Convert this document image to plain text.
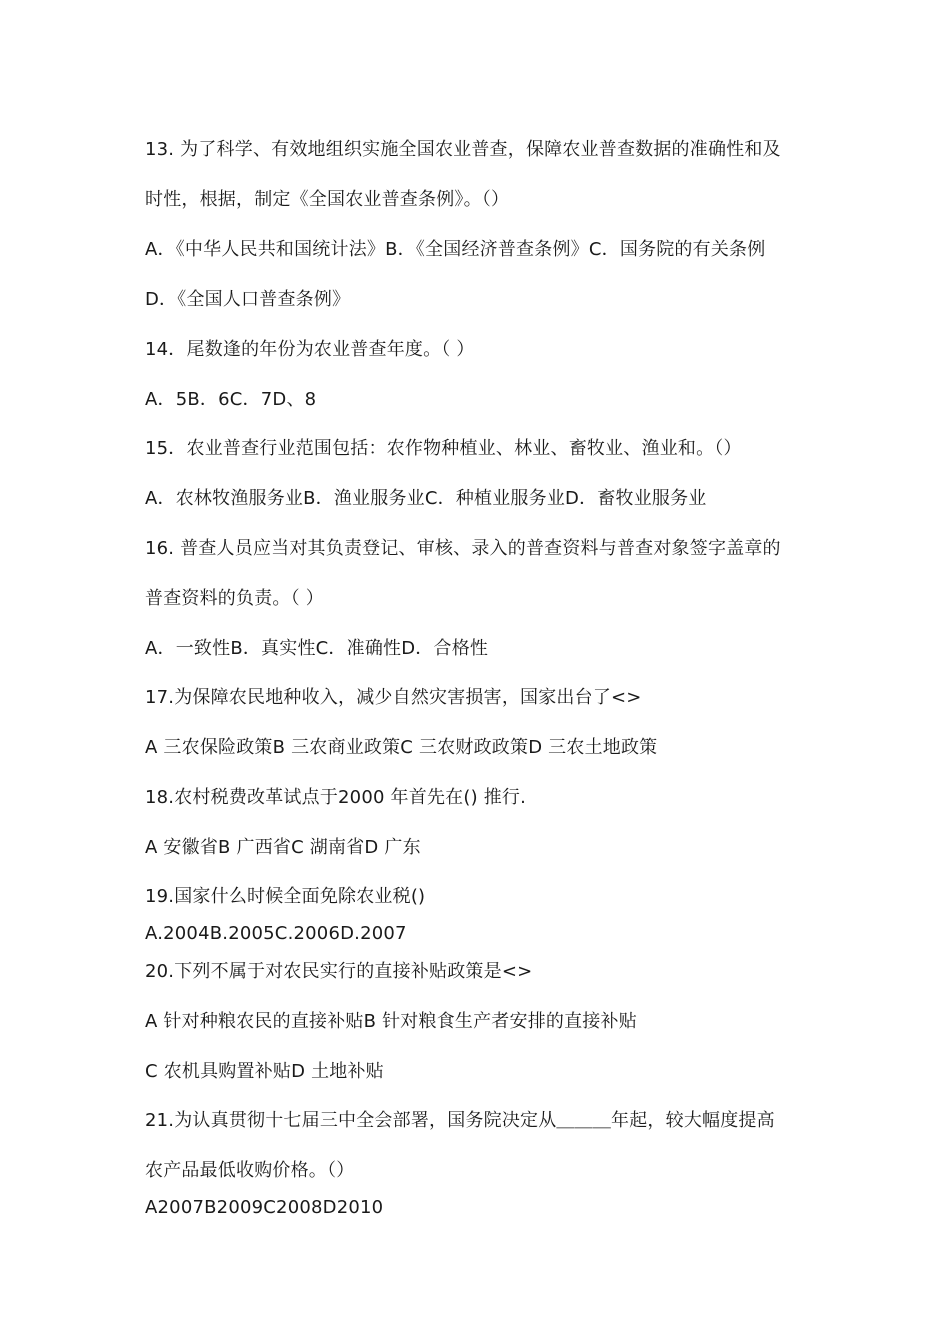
13. 为了科学、有效地组织实施全国农业普查，保障农业普查数据的准确性和及
时性，根据，制定《全国农业普查条例》。（）
A．《中华人民共和国统计法》B．《全国经济普查条例》C．国务院的有关条例
D．《全国人口普查条例》
14．尾数逢的年份为农业普查年度。（ ）
A．5B．6C．7D、8
15．农业普查行业范围包括：农作物种植业、林业、畜牧业、渔业和。（）
A．农林牧渔服务业B．渔业服务业C．种植业服务业D．畜牧业服务业
16. 普查人员应当对其负责登记、审核、录入的普查资料与普查对象签字盖章的
普查资料的负责。（ ）
A．一致性B．真实性C．准确性D．合格性
17.为保障农民地种收入，减少自然灾害损害，国家出台了<>
A 三农保险政策B 三农商业政策C 三农财政政策D 三农土地政策
18.农村税费改革试点于2000 年首先在() 推行.
A 安徽省B 广西省C 湖南省D 广东
19.国家什么时候全面免除农业税()
A.2004B.2005C.2006D.2007
20.下列不属于对农民实行的直接补贴政策是<>
A 针对种粮农民的直接补贴B 针对粮食生产者安排的直接补贴
C 农机具购置补贴D 土地补贴
21.为认真贯彻十七届三中全会部署，国务院决定从＿＿＿年起，较大幅度提高
农产品最低收购价格。（）
A2007B2009C2008D2010
